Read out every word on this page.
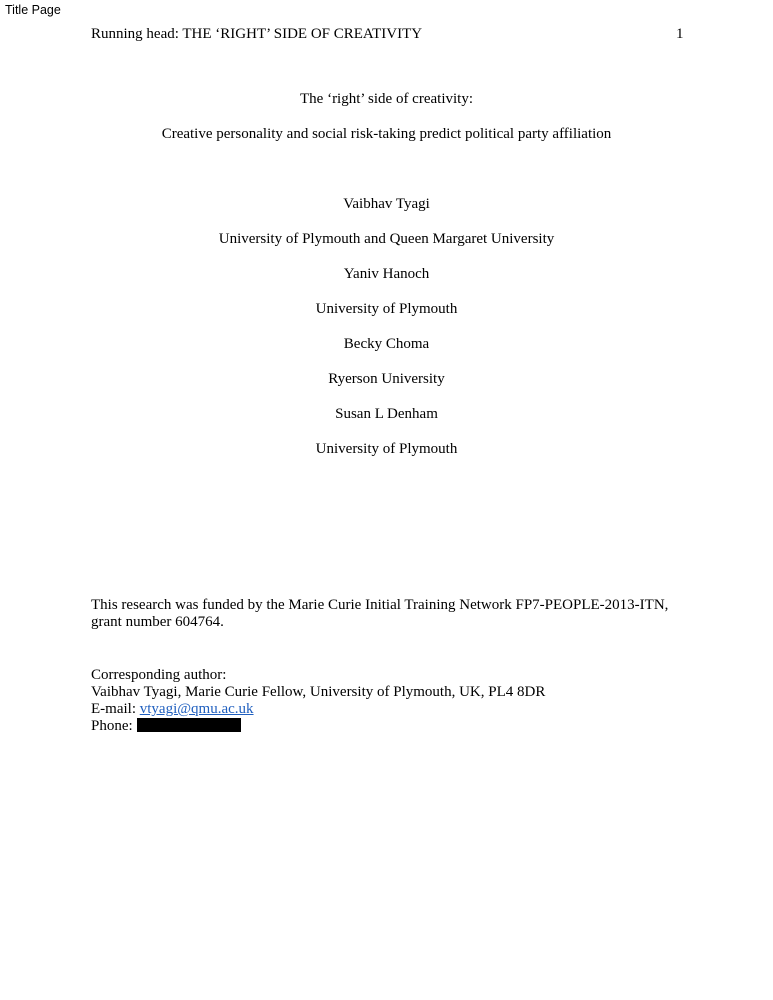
Title Page
Running head: THE ‘RIGHT’ SIDE OF CREATIVITY	1
The ‘right’ side of creativity:
Creative personality and social risk-taking predict political party affiliation
Vaibhav Tyagi
University of Plymouth and Queen Margaret University
Yaniv Hanoch
University of Plymouth
Becky Choma
Ryerson University
Susan L Denham
University of Plymouth
This research was funded by the Marie Curie Initial Training Network FP7-PEOPLE-2013-ITN,
grant number 604764.
Corresponding author:
Vaibhav Tyagi, Marie Curie Fellow, University of Plymouth, UK, PL4 8DR
E-mail: vtyagi@qmu.ac.uk
Phone:
